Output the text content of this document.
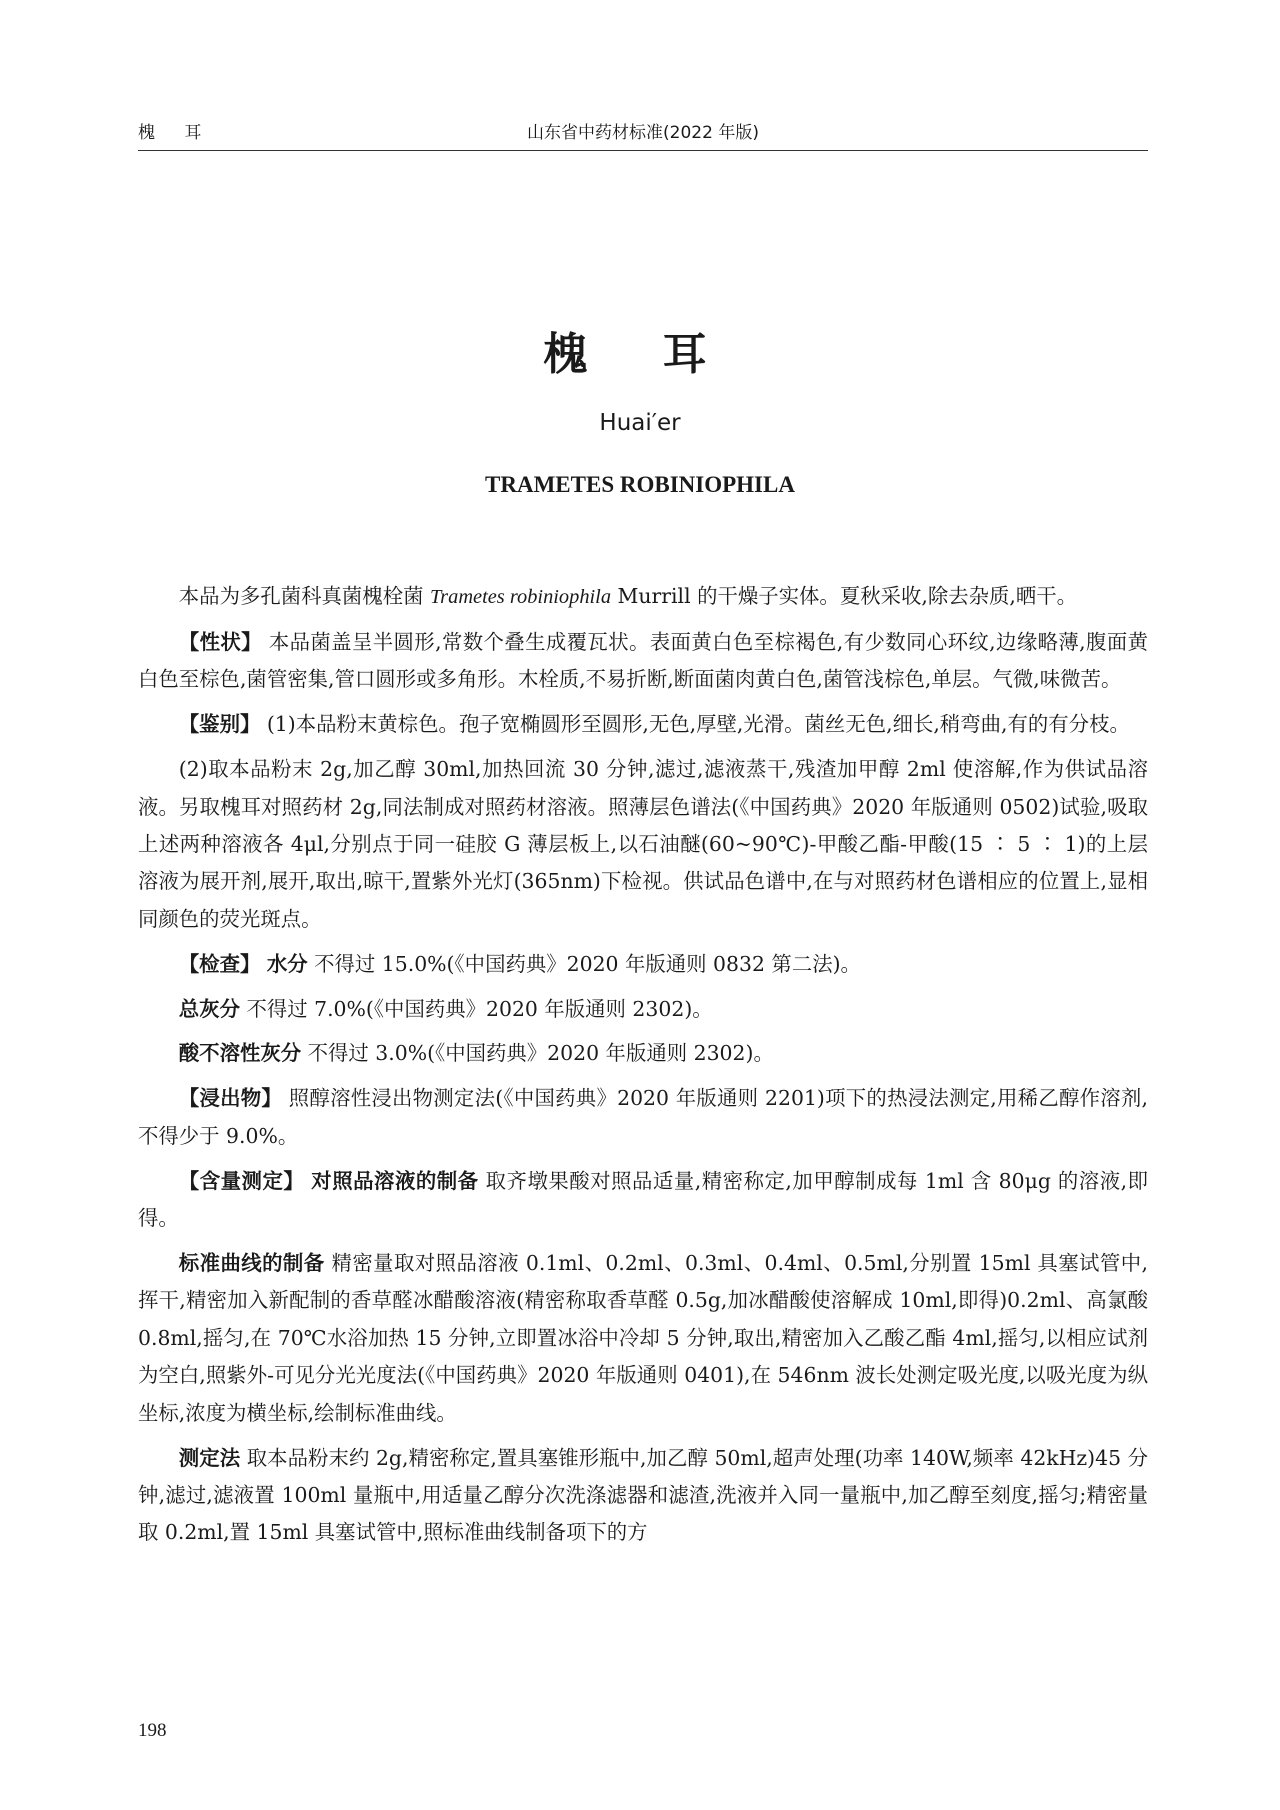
槐 耳	山东省中药材标准(2022 年版)
槐 耳
Huai′er
TRAMETES ROBINIOPHILA

本品为多孔菌科真菌槐栓菌 Trametes robiniophila Murrill 的干燥子实体。夏秋采收,除去杂质,晒干。

【性状】 本品菌盖呈半圆形,常数个叠生成覆瓦状。表面黄白色至棕褐色,有少数同心环纹,边缘略薄,腹面黄白色至棕色,菌管密集,管口圆形或多角形。木栓质,不易折断,断面菌肉黄白色,菌管浅棕色,单层。气微,味微苦。

【鉴别】 (1)本品粉末黄棕色。孢子宽椭圆形至圆形,无色,厚壁,光滑。菌丝无色,细长,稍弯曲,有的有分枝。

(2)取本品粉末 2g,加乙醇 30ml,加热回流 30 分钟,滤过,滤液蒸干,残渣加甲醇 2ml 使溶解,作为供试品溶液。另取槐耳对照药材 2g,同法制成对照药材溶液。照薄层色谱法(《中国药典》2020 年版通则 0502)试验,吸取上述两种溶液各 4μl,分别点于同一硅胶 G 薄层板上,以石油醚(60~90℃)-甲酸乙酯-甲酸(15 ∶ 5 ∶ 1)的上层溶液为展开剂,展开,取出,晾干,置紫外光灯(365nm)下检视。供试品色谱中,在与对照药材色谱相应的位置上,显相同颜色的荧光斑点。

【检查】 水分 不得过 15.0%(《中国药典》2020 年版通则 0832 第二法)。

总灰分 不得过 7.0%(《中国药典》2020 年版通则 2302)。

酸不溶性灰分 不得过 3.0%(《中国药典》2020 年版通则 2302)。

【浸出物】 照醇溶性浸出物测定法(《中国药典》2020 年版通则 2201)项下的热浸法测定,用稀乙醇作溶剂,不得少于 9.0%。

【含量测定】 对照品溶液的制备 取齐墩果酸对照品适量,精密称定,加甲醇制成每 1ml 含 80μg 的溶液,即得。

标准曲线的制备 精密量取对照品溶液 0.1ml、0.2ml、0.3ml、0.4ml、0.5ml,分别置 15ml 具塞试管中,挥干,精密加入新配制的香草醛冰醋酸溶液(精密称取香草醛 0.5g,加冰醋酸使溶解成 10ml,即得)0.2ml、高氯酸 0.8ml,摇匀,在 70℃水浴加热 15 分钟,立即置冰浴中冷却 5 分钟,取出,精密加入乙酸乙酯 4ml,摇匀,以相应试剂为空白,照紫外-可见分光光度法(《中国药典》2020 年版通则 0401),在 546nm 波长处测定吸光度,以吸光度为纵坐标,浓度为横坐标,绘制标准曲线。

测定法 取本品粉末约 2g,精密称定,置具塞锥形瓶中,加乙醇 50ml,超声处理(功率 140W,频率 42kHz)45 分钟,滤过,滤液置 100ml 量瓶中,用适量乙醇分次洗涤滤器和滤渣,洗液并入同一量瓶中,加乙醇至刻度,摇匀;精密量取 0.2ml,置 15ml 具塞试管中,照标准曲线制备项下的方

198
